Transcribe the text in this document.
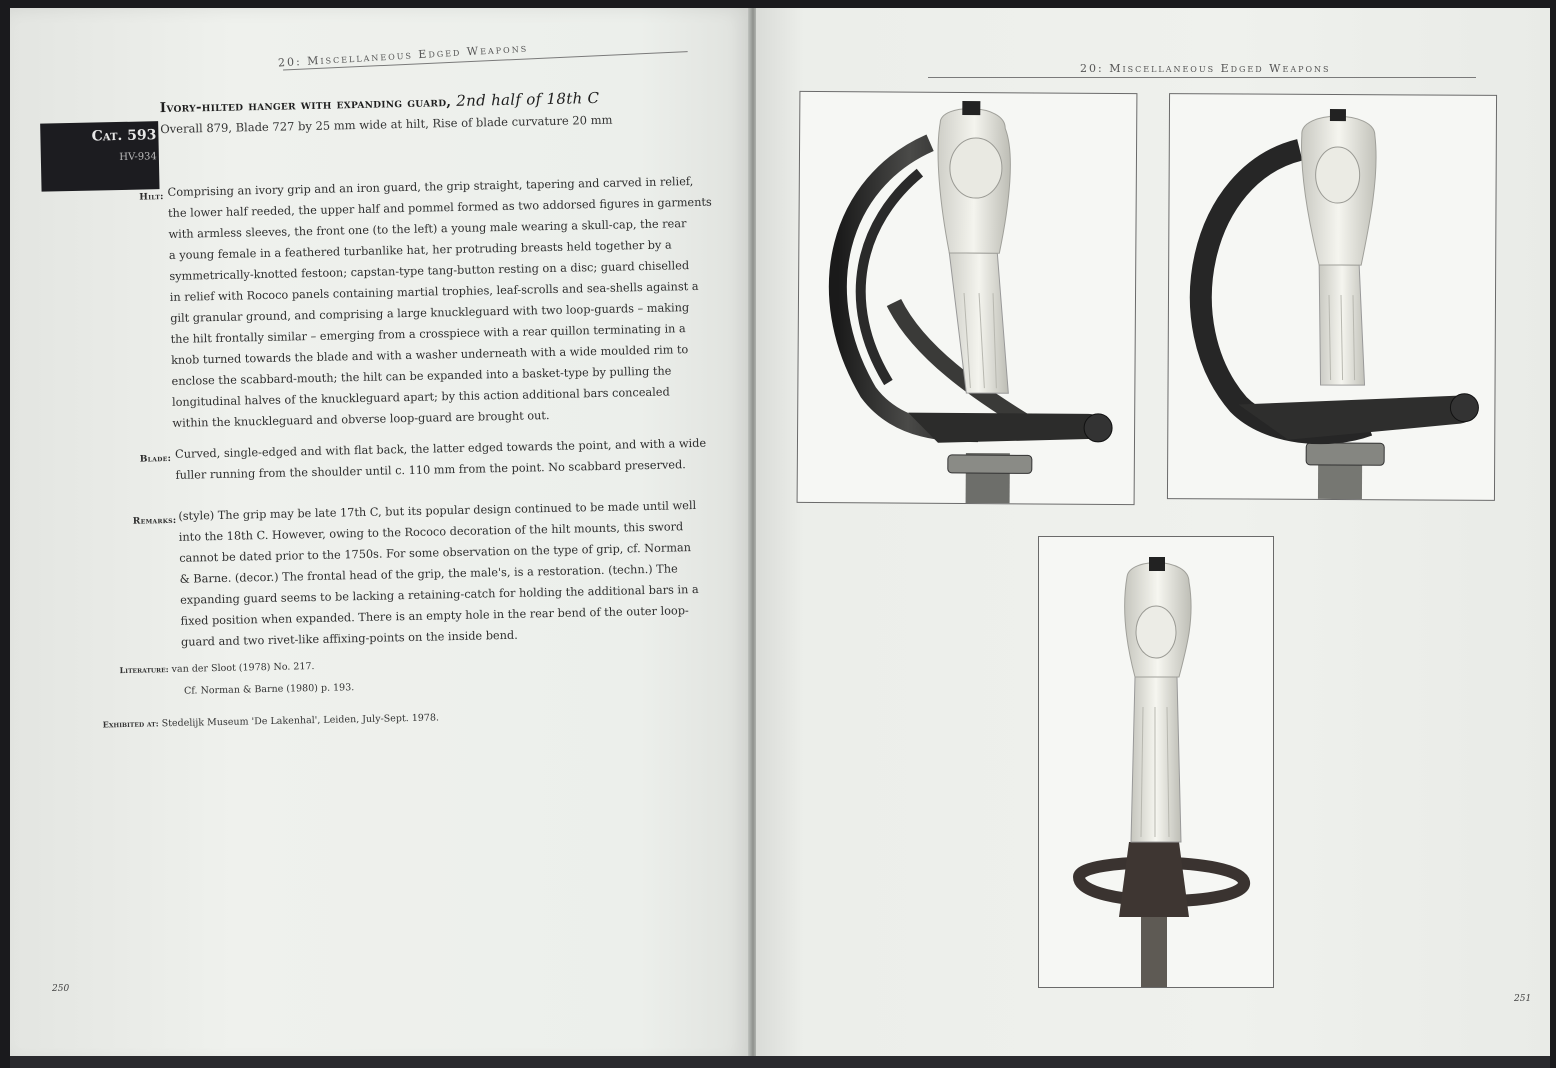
20: Miscellaneous Edged Weapons
Cat. 593
HV-934
Ivory-hilted hanger with expanding guard, 2nd half of 18th C
Overall 879, Blade 727 by 25 mm wide at hilt, Rise of blade curvature 20 mm
Hilt: Comprising an ivory grip and an iron guard, the grip straight, tapering and carved in relief,

the lower half reeded, the upper half and pommel formed as two addorsed figures in garments

with armless sleeves, the front one (to the left) a young male wearing a skull-cap, the rear

a young female in a feathered turbanlike hat, her protruding breasts held together by a

symmetrically-knotted festoon; capstan-type tang-button resting on a disc; guard chiselled

in relief with Rococo panels containing martial trophies, leaf-scrolls and sea-shells against a

gilt granular ground, and comprising a large knuckleguard with two loop-guards – making

the hilt frontally similar – emerging from a crosspiece with a rear quillon terminating in a

knob turned towards the blade and with a washer underneath with a wide moulded rim to

enclose the scabbard-mouth; the hilt can be expanded into a basket-type by pulling the

longitudinal halves of the knuckleguard apart; by this action additional bars concealed

within the knuckleguard and obverse loop-guard are brought out.

Blade: Curved, single-edged and with flat back, the latter edged towards the point, and with a wide

fuller running from the shoulder until c. 110 mm from the point. No scabbard preserved.

Remarks: (style) The grip may be late 17th C, but its popular design continued to be made until well

into the 18th C. However, owing to the Rococo decoration of the hilt mounts, this sword

cannot be dated prior to the 1750s. For some observation on the type of grip, cf. Norman

& Barne. (decor.) The frontal head of the grip, the male's, is a restoration. (techn.) The

expanding guard seems to be lacking a retaining-catch for holding the additional bars in a

fixed position when expanded. There is an empty hole in the rear bend of the outer loop-

guard and two rivet-like affixing-points on the inside bend.

Literature: van der Sloot (1978) No. 217.
Cf. Norman & Barne (1980) p. 193.
Exhibited at: Stedelijk Museum 'De Lakenhal', Leiden, July-Sept. 1978.
250
20: Miscellaneous Edged Weapons
251
